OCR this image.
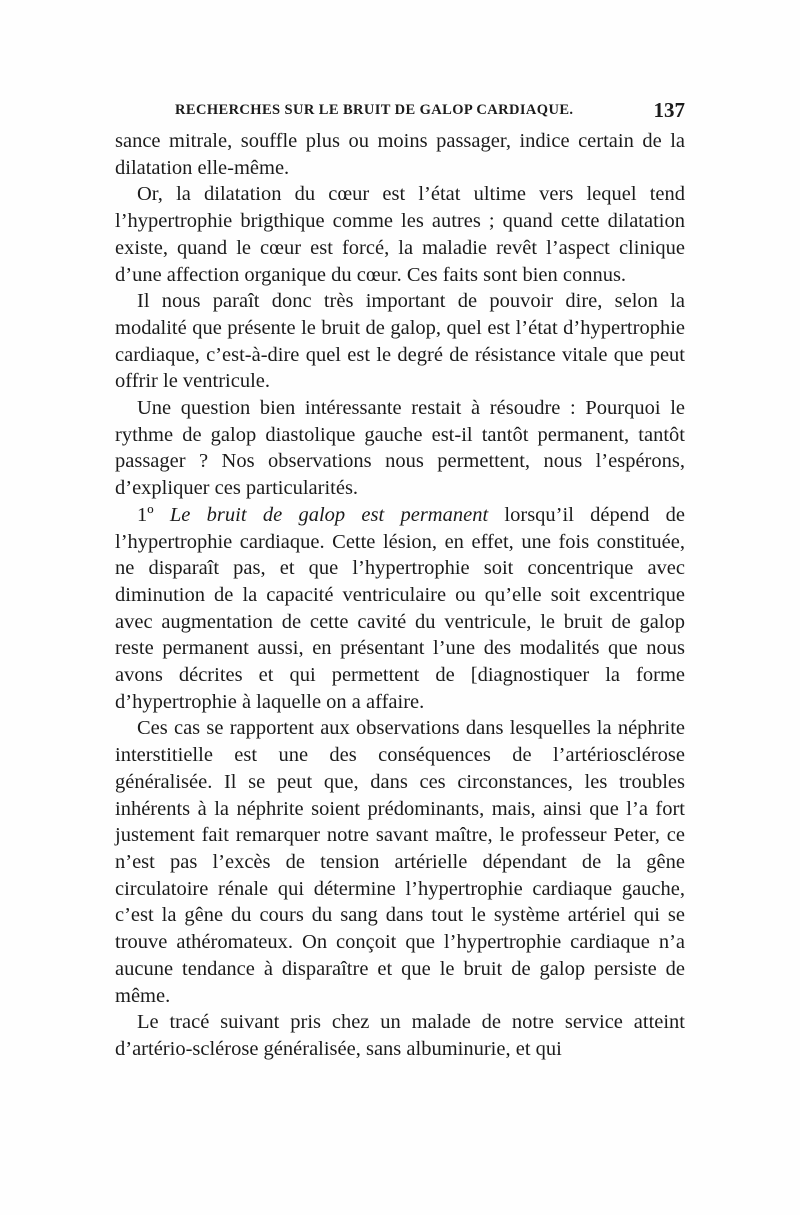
RECHERCHES SUR LE BRUIT DE GALOP CARDIAQUE.	137

sance mitrale, souffle plus ou moins passager, indice certain de la dilatation elle-même.

Or, la dilatation du cœur est l’état ultime vers lequel tend l’hypertrophie brigthique comme les autres ; quand cette dilatation existe, quand le cœur est forcé, la maladie revêt l’aspect clinique d’une affection organique du cœur. Ces faits sont bien connus.

Il nous paraît donc très important de pouvoir dire, selon la modalité que présente le bruit de galop, quel est l’état d’hypertrophie cardiaque, c’est-à-dire quel est le degré de résistance vitale que peut offrir le ventricule.

Une question bien intéressante restait à résoudre : Pourquoi le rythme de galop diastolique gauche est-il tantôt permanent, tantôt passager ? Nos observations nous permettent, nous l’espérons, d’expliquer ces particularités.

1º Le bruit de galop est permanent lorsqu’il dépend de l’hypertrophie cardiaque. Cette lésion, en effet, une fois constituée, ne disparaît pas, et que l’hypertrophie soit concentrique avec diminution de la capacité ventriculaire ou qu’elle soit excentrique avec augmentation de cette cavité du ventricule, le bruit de galop reste permanent aussi, en présentant l’une des modalités que nous avons décrites et qui permettent de [diagnostiquer la forme d’hypertrophie à laquelle on a affaire.

Ces cas se rapportent aux observations dans lesquelles la néphrite interstitielle est une des conséquences de l’artériosclérose généralisée. Il se peut que, dans ces circonstances, les troubles inhérents à la néphrite soient prédominants, mais, ainsi que l’a fort justement fait remarquer notre savant maître, le professeur Peter, ce n’est pas l’excès de tension artérielle dépendant de la gêne circulatoire rénale qui détermine l’hypertrophie cardiaque gauche, c’est la gêne du cours du sang dans tout le système artériel qui se trouve athéromateux. On conçoit que l’hypertrophie cardiaque n’a aucune tendance à disparaître et que le bruit de galop persiste de même.

Le tracé suivant pris chez un malade de notre service atteint d’artério-sclérose généralisée, sans albuminurie, et qui
